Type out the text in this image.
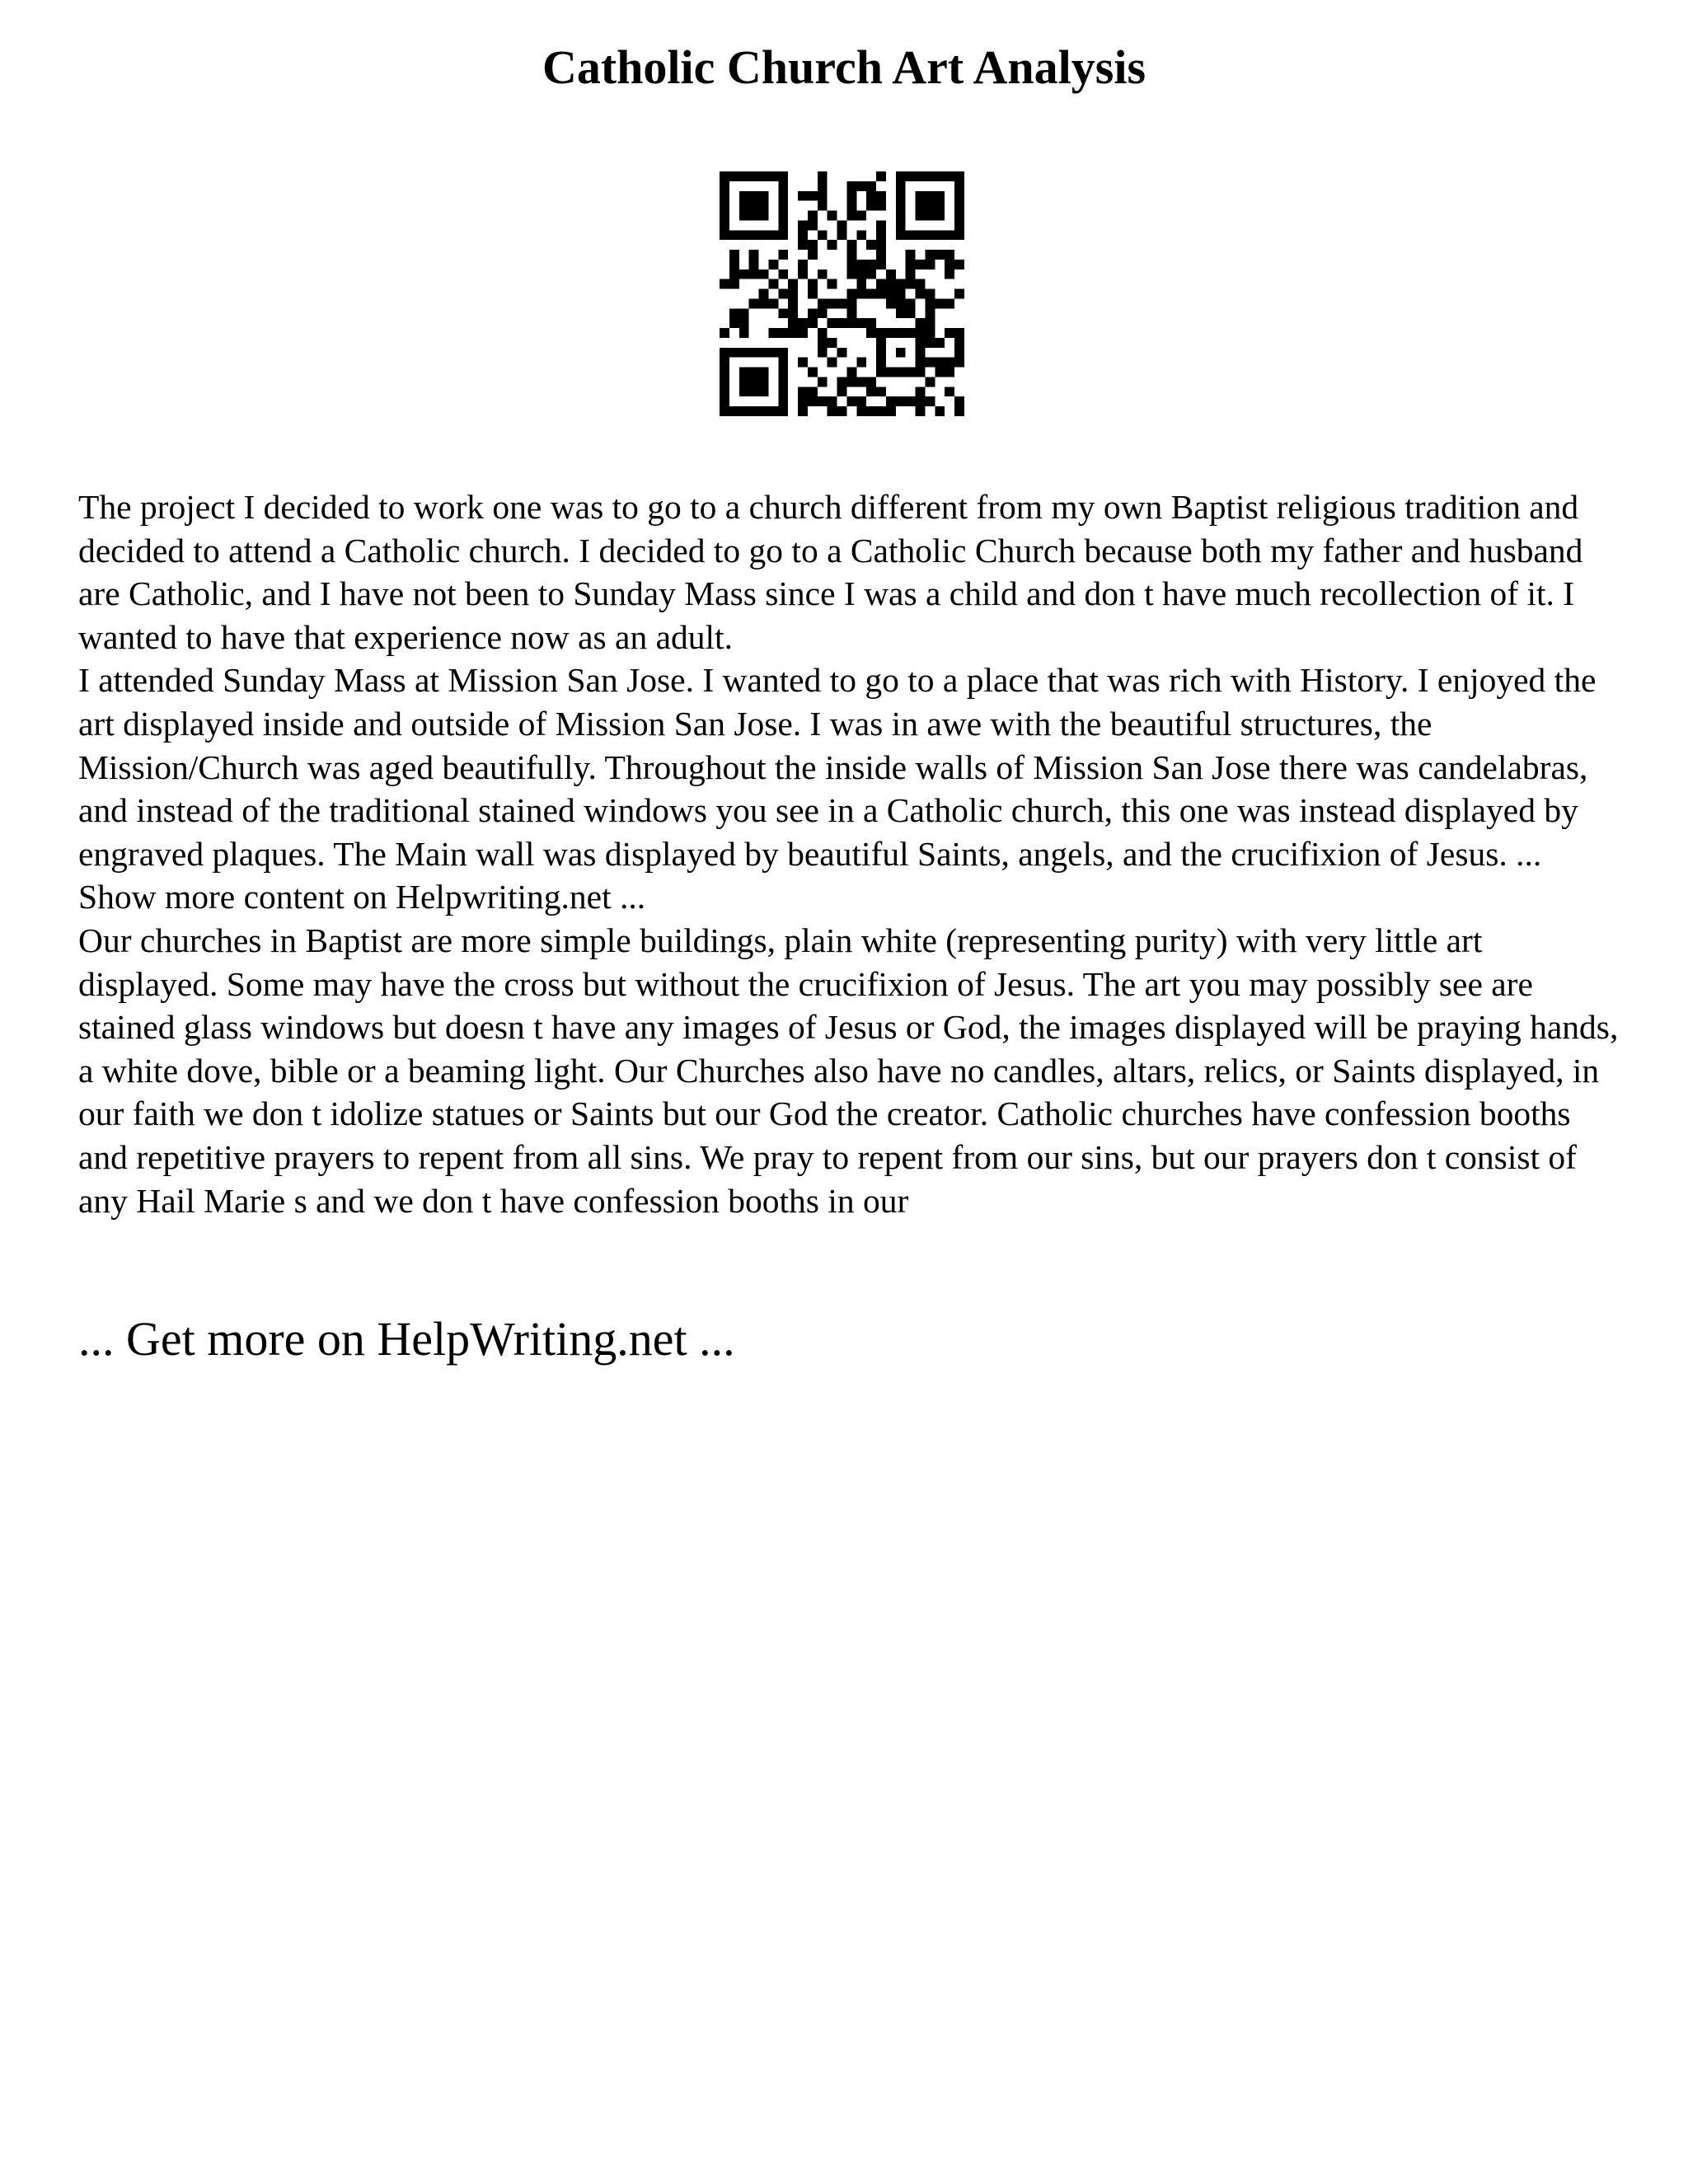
Catholic Church Art Analysis

The project I decided to work one was to go to a church different from my own Baptist religious tradition and decided to attend a Catholic church. I decided to go to a Catholic Church because both my father and husband are Catholic, and I have not been to Sunday Mass since I was a child and don t have much recollection of it. I wanted to have that experience now as an adult.

I attended Sunday Mass at Mission San Jose. I wanted to go to a place that was rich with History. I enjoyed the art displayed inside and outside of Mission San Jose. I was in awe with the beautiful structures, the Mission/Church was aged beautifully. Throughout the inside walls of Mission San Jose there was candelabras, and instead of the traditional stained windows you see in a Catholic church, this one was instead displayed by engraved plaques. The Main wall was displayed by beautiful Saints, angels, and the crucifixion of Jesus. ... Show more content on Helpwriting.net ...

Our churches in Baptist are more simple buildings, plain white (representing purity) with very little art displayed. Some may have the cross but without the crucifixion of Jesus. The art you may possibly see are stained glass windows but doesn t have any images of Jesus or God, the images displayed will be praying hands, a white dove, bible or a beaming light. Our Churches also have no candles, altars, relics, or Saints displayed, in our faith we don t idolize statues or Saints but our God the creator. Catholic churches have confession booths and repetitive prayers to repent from all sins. We pray to repent from our sins, but our prayers don t consist of any Hail Marie s and we don t have confession booths in our

... Get more on HelpWriting.net ...
